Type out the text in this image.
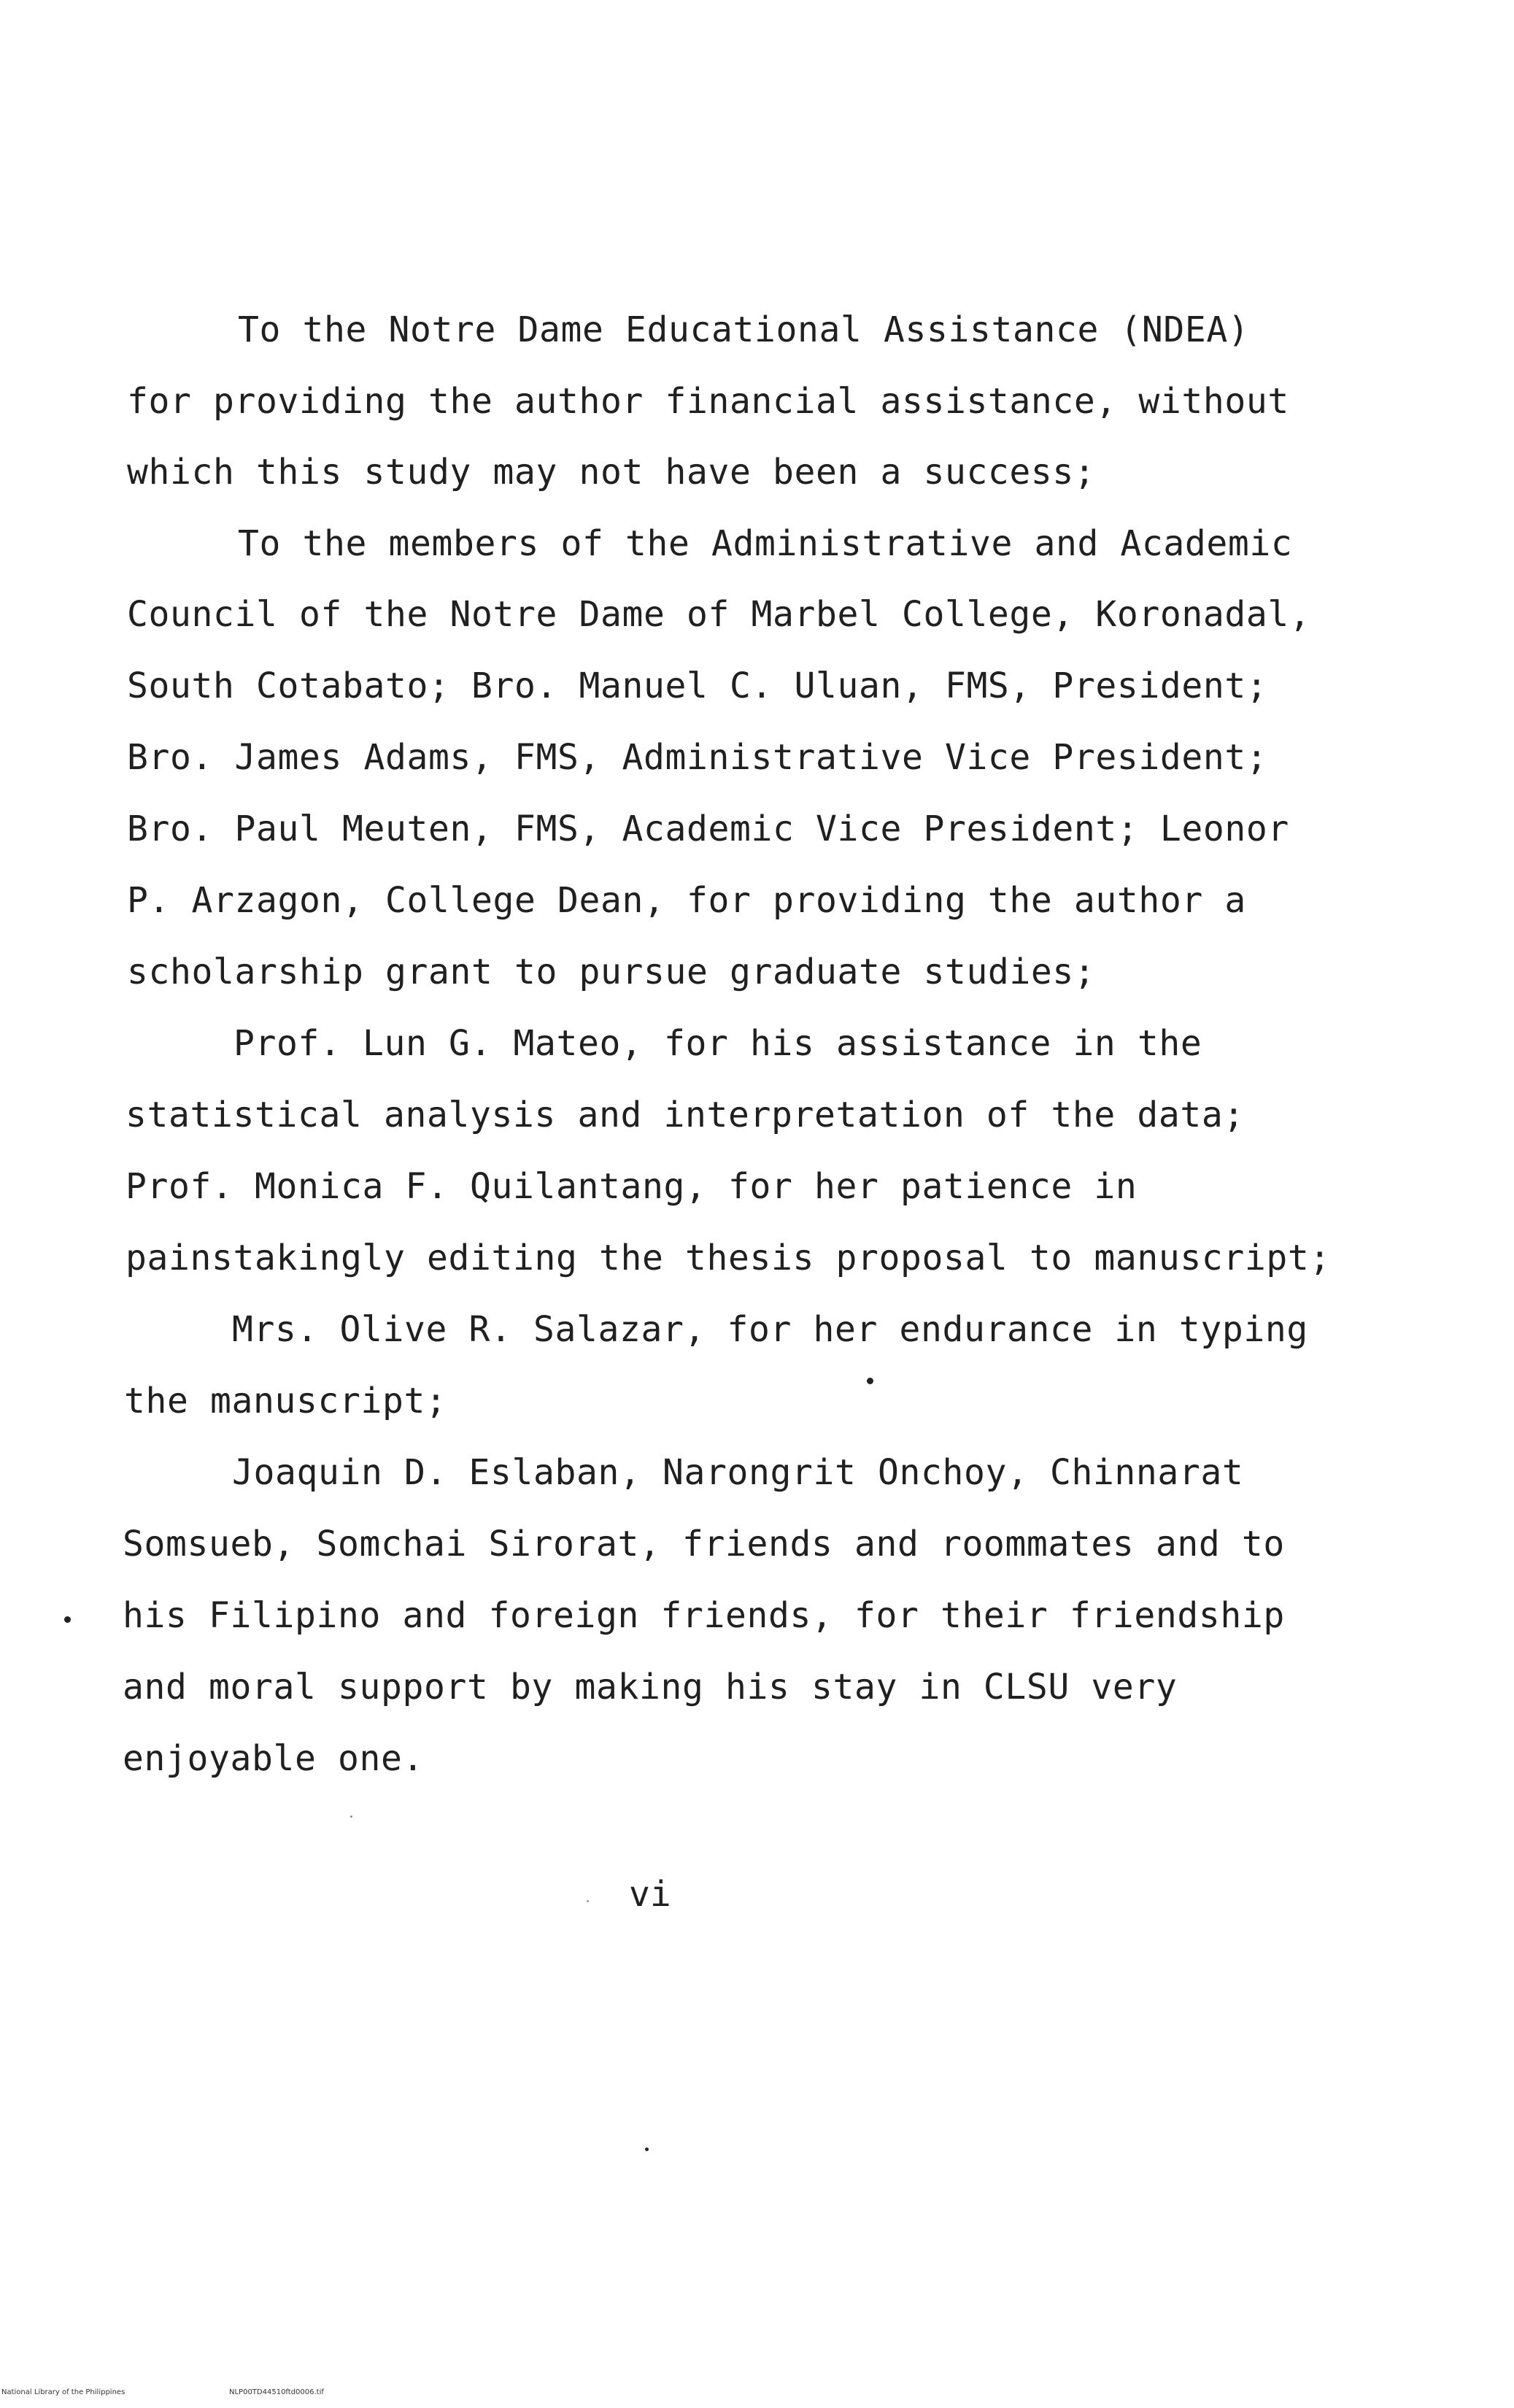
To the Notre Dame Educational Assistance (NDEA)
for providing the author financial assistance, without
which this study may not have been a success;
To the members of the Administrative and Academic
Council of the Notre Dame of Marbel College, Koronadal,
South Cotabato; Bro. Manuel C. Uluan, FMS, President;
Bro. James Adams, FMS, Administrative Vice President;
Bro. Paul Meuten, FMS, Academic Vice President; Leonor
P. Arzagon, College Dean, for providing the author a
scholarship grant to pursue graduate studies;
Prof. Lun G. Mateo, for his assistance in the
statistical analysis and interpretation of the data;
Prof. Monica F. Quilantang, for her patience in
painstakingly editing the thesis proposal to manuscript;
Mrs. Olive R. Salazar, for her endurance in typing
the manuscript;
Joaquin D. Eslaban, Narongrit Onchoy, Chinnarat
Somsueb, Somchai Sirorat, friends and roommates and to
his Filipino and foreign friends, for their friendship
and moral support by making his stay in CLSU very
enjoyable one.
vi
National Library of the Philippines	NLP00TD44510ftd0006.tif
